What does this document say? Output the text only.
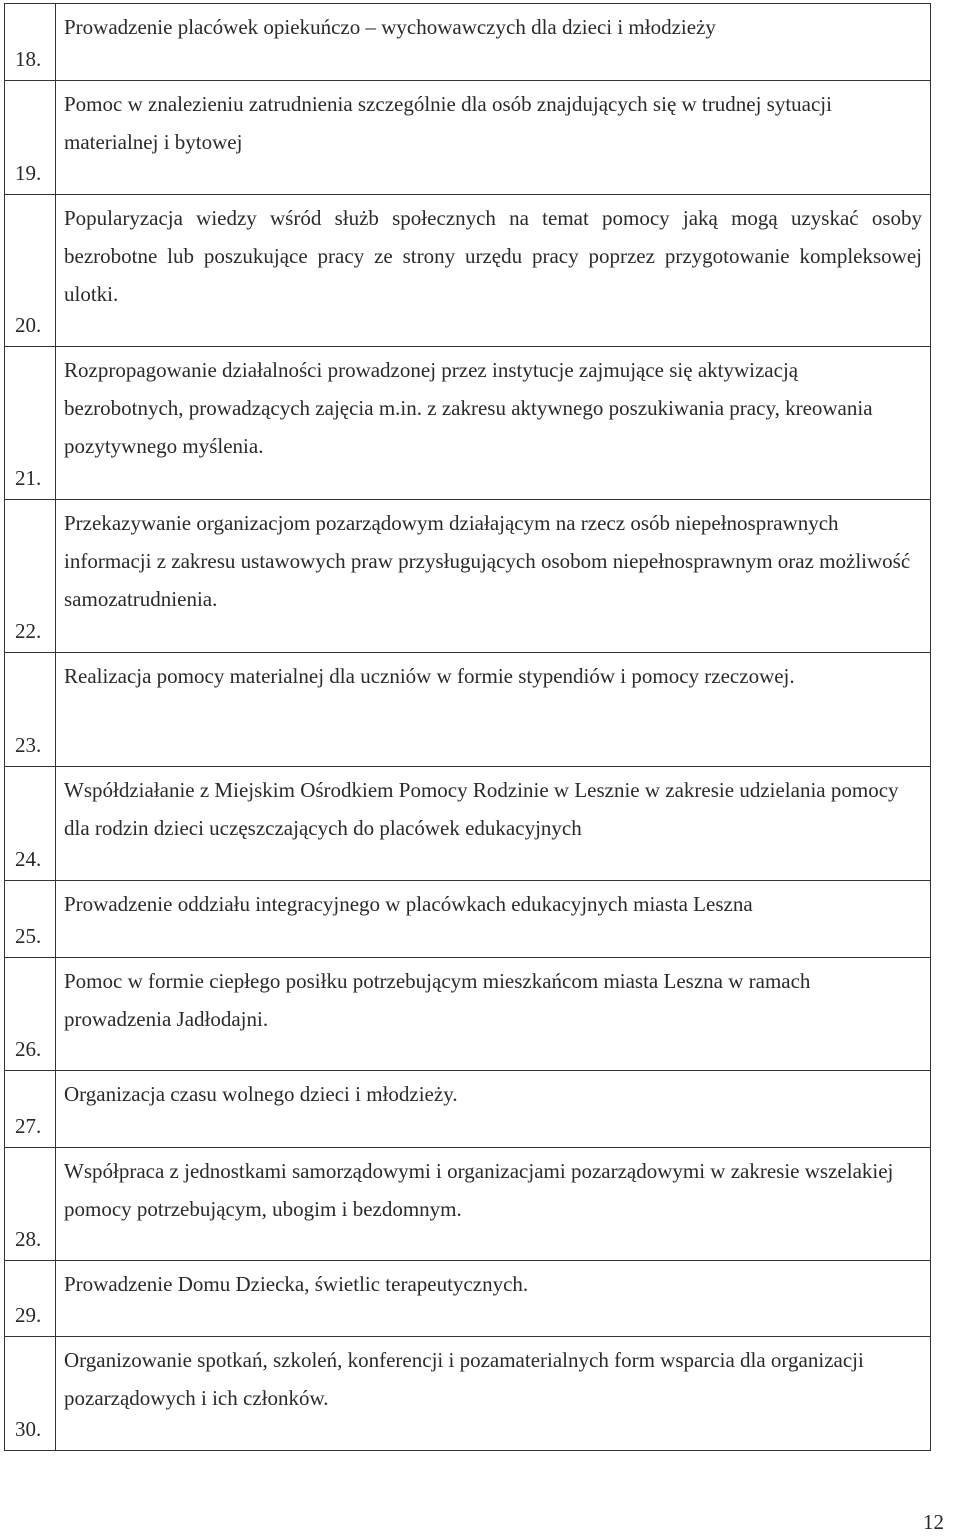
18.	Prowadzenie placówek opiekuńczo – wychowawczych dla dzieci i młodzieży
19.	Pomoc w znalezieniu zatrudnienia szczególnie dla osób znajdujących się w trudnej sytuacji materialnej i bytowej
20.	Popularyzacja wiedzy wśród służb społecznych na temat pomocy jaką mogą uzyskać osoby bezrobotne lub poszukujące pracy ze strony urzędu pracy poprzez przygotowanie kompleksowej ulotki.
21.	Rozpropagowanie działalności prowadzonej przez instytucje zajmujące się aktywizacją bezrobotnych, prowadzących zajęcia m.in. z zakresu aktywnego poszukiwania pracy, kreowania pozytywnego myślenia.
22.	Przekazywanie organizacjom pozarządowym działającym na rzecz osób niepełnosprawnych informacji z zakresu ustawowych praw przysługujących osobom niepełnosprawnym oraz możliwość samozatrudnienia.
23.	Realizacja pomocy materialnej dla uczniów w formie stypendiów i pomocy rzeczowej.
24.	Współdziałanie z Miejskim Ośrodkiem Pomocy Rodzinie w Lesznie w zakresie udzielania pomocy dla rodzin dzieci uczęszczających do placówek edukacyjnych
25.	Prowadzenie oddziału integracyjnego w placówkach edukacyjnych miasta Leszna
26.	Pomoc w formie ciepłego posiłku potrzebującym mieszkańcom miasta Leszna w ramach prowadzenia Jadłodajni.
27.	Organizacja czasu wolnego dzieci i młodzieży.
28.	Współpraca z jednostkami samorządowymi i organizacjami pozarządowymi w zakresie wszelakiej pomocy potrzebującym, ubogim i bezdomnym.
29.	Prowadzenie Domu Dziecka, świetlic terapeutycznych.
30.	Organizowanie spotkań, szkoleń, konferencji i pozamaterialnych form wsparcia dla organizacji pozarządowych i ich członków.
12
